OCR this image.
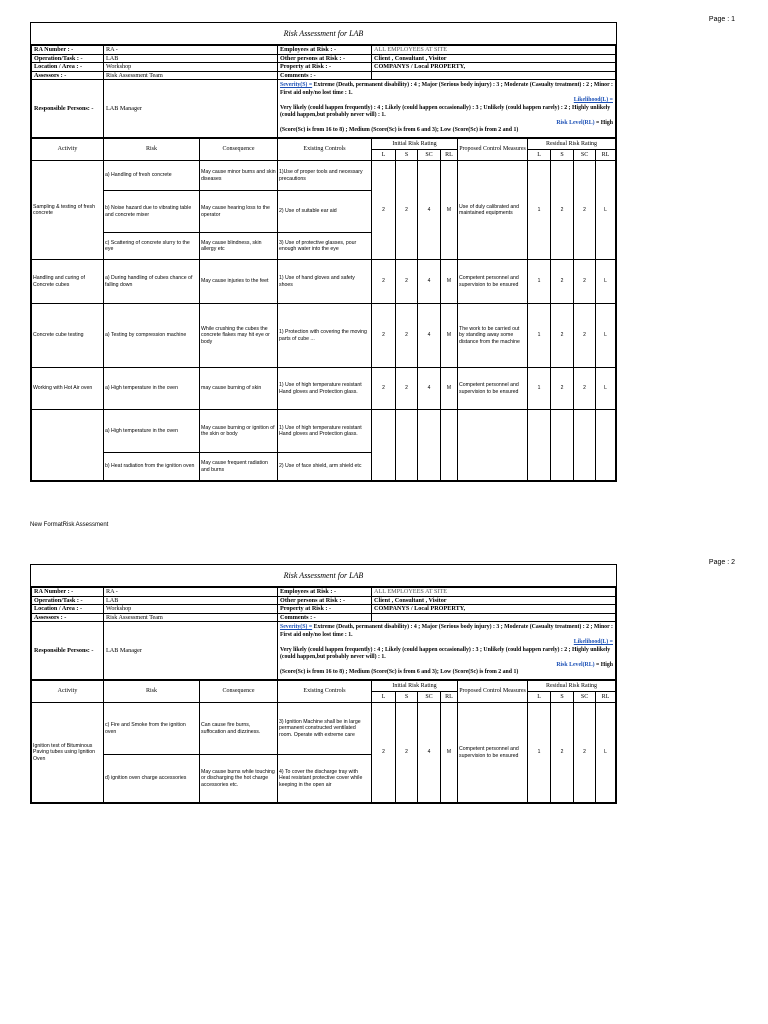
Page : 1
Page : 2
New FormatRisk Assessment
Risk Assessment for LAB
RA Number : -	RA -	Employees at Risk : -	ALL EMPLOYEES AT SITE
Operation/Task : -	LAB	Other persons at Risk : -	Client , Consultant , Visitor
Location / Area : -	Workshop	Property at Risk : -	COMPANYS / Local PROPERTY,
Assessors : -	Risk Assessment Team	Comments : -	
Responsible Persons: -	LAB Manager	Severity(S) = Extreme (Death, permanent disability) : 4 ; Major (Serious body injury) : 3 ; Moderate (Casualty treatment) : 2 ; Minor : First aid only/no lost time : 1.
Likelihood(L) =
Very likely (could happen frequently) : 4 ; Likely (could happen occasionally) : 3 ; Unlikely (could happen rarely) : 2 ; Highly unlikely (could happen,but probably never will) : 1.
Risk Level(RL) = High
(Score(Sc) is from 16 to 8) ; Medium (Score(Sc) is from 6 and 3); Low (Score(Sc) is from 2 and 1)	
Activity	Risk	Consequence	Existing Controls	Initial Risk Rating				Proposed Control Measures	Residual Risk Rating			
				L	S	SC	RL		L	S	SC	RL
Sampling & testing of fresh concrete	a) Handling of fresh concrete	May cause minor burns and skin diseases	1)Use of proper tools and necessary precautions	2	2	4	M	Use of duly calibrated and maintained equipments	1	2	2	L
	b) Noise hazard due to vibrating table and concrete mixer	May cause hearing loss to the operator	2) Use of suitable ear aid									
	c) Scattering of concrete slurry to the eye	May cause blindness, skin allergy etc	3) Use of protective glasses, pour enough water into the eye									
Handling and curing of Concrete cubes	a) During handling of cubes chance of falling down	May cause injuries to the feet	1) Use of hand gloves and safety shoes	2	2	4	M	Competent personnel and supervision to be ensured	1	2	2	L
Concrete cube testing	a) Testing by compression machine	While crushing the cubes the concrete flakes may hit eye or body	1) Protection with covering the moving parts of cube ...	2	2	4	M	The work to be carried out by standing away some distance from the machine	1	2	2	L
Working with Hot Air oven	a) High temperature in the oven	may cause burning of skin	1) Use of high temperature resistant Hand gloves and Protection glass.	2	2	4	M	Competent personnel and supervision to be ensured	1	2	2	L
	a) High temperature in the oven	May cause burning or ignition of the skin or body	1) Use of high temperature resistant Hand gloves and Protection glass.									
	b) Heat radiation from the ignition oven	May cause frequent radiation and burns	2) Use of face shield, arm shield etc									
Risk Assessment for LAB
RA Number : -	RA -	Employees at Risk : -	ALL EMPLOYEES AT SITE
Operation/Task : -	LAB	Other persons at Risk : -	Client , Consultant , Visitor
Location / Area : -	Workshop	Property at Risk : -	COMPANYS / Local PROPERTY,
Assessors : -	Risk Assessment Team	Comments : -	
Responsible Persons: -	LAB Manager	Severity(S) = Extreme (Death, permanent disability) : 4 ; Major (Serious body injury) : 3 ; Moderate (Casualty treatment) : 2 ; Minor : First aid only/no lost time : 1.
Likelihood(L) =
Very likely (could happen frequently) : 4 ; Likely (could happen occasionally) : 3 ; Unlikely (could happen rarely) : 2 ; Highly unlikely (could happen,but probably never will) : 1.
Risk Level(RL) = High
(Score(Sc) is from 16 to 8) ; Medium (Score(Sc) is from 6 and 3); Low (Score(Sc) is from 2 and 1)	
Activity	Risk	Consequence	Existing Controls	Initial Risk Rating				Proposed Control Measures	Residual Risk Rating			
				L	S	SC	RL		L	S	SC	RL
Ignition test of Bituminous Paving tubes using Ignition Oven	c) Fire and Smoke from the ignition oven	Can cause fire burns, suffocation and dizziness.	3) Ignition Machine shall be in large permanent constructed ventilated room. Operate with extreme care	2	2	4	M	Competent personnel and supervision to be ensured	1	2	2	L
	d) ignition oven charge accessories	May cause burns while touching or discharging the hot charge accessories etc.	4) To cover the discharge tray with Heat resistant protective cover while keeping in the open air									
